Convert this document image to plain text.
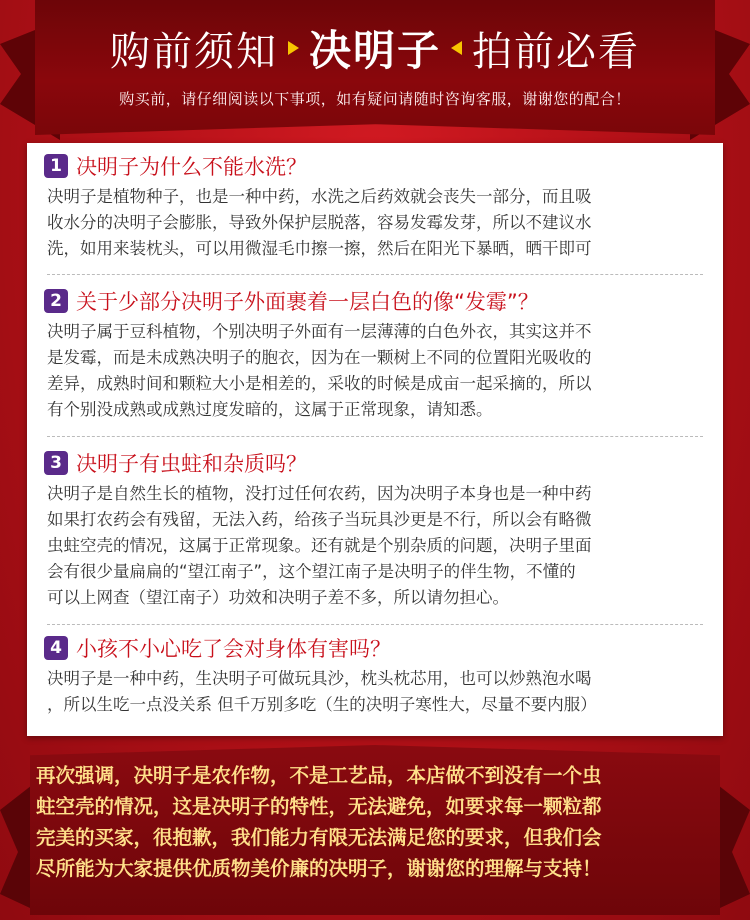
购前须知 决明子 拍前必看
购买前，请仔细阅读以下事项，如有疑问请随时咨询客服，谢谢您的配合！
1 决明子为什么不能水洗？
决明子是植物种子，也是一种中药，水洗之后药效就会丧失一部分，而且吸
收水分的决明子会膨胀，导致外保护层脱落，容易发霉发芽，所以不建议水
洗，如用来装枕头，可以用微湿毛巾擦一擦，然后在阳光下暴晒，晒干即可
2 关于少部分决明子外面裹着一层白色的像“发霉”？
决明子属于豆科植物，个别决明子外面有一层薄薄的白色外衣，其实这并不
是发霉，而是未成熟决明子的胞衣，因为在一颗树上不同的位置阳光吸收的
差异，成熟时间和颗粒大小是相差的，采收的时候是成亩一起采摘的，所以
有个别没成熟或成熟过度发暗的，这属于正常现象，请知悉。
3 决明子有虫蛀和杂质吗？
决明子是自然生长的植物，没打过任何农药，因为决明子本身也是一种中药
如果打农药会有残留，无法入药，给孩子当玩具沙更是不行，所以会有略微
虫蛀空壳的情况，这属于正常现象。还有就是个别杂质的问题，决明子里面
会有很少量扁扁的“望江南子”，这个望江南子是决明子的伴生物，不懂的
可以上网查（望江南子）功效和决明子差不多，所以请勿担心。
4 小孩不小心吃了会对身体有害吗？
决明子是一种中药，生决明子可做玩具沙，枕头枕芯用，也可以炒熟泡水喝
，所以生吃一点没关系 但千万别多吃（生的决明子寒性大，尽量不要内服）
再次强调，决明子是农作物，不是工艺品，本店做不到没有一个虫
蛀空壳的情况，这是决明子的特性，无法避免，如要求每一颗粒都
完美的买家，很抱歉，我们能力有限无法满足您的要求，但我们会
尽所能为大家提供优质物美价廉的决明子，谢谢您的理解与支持！
